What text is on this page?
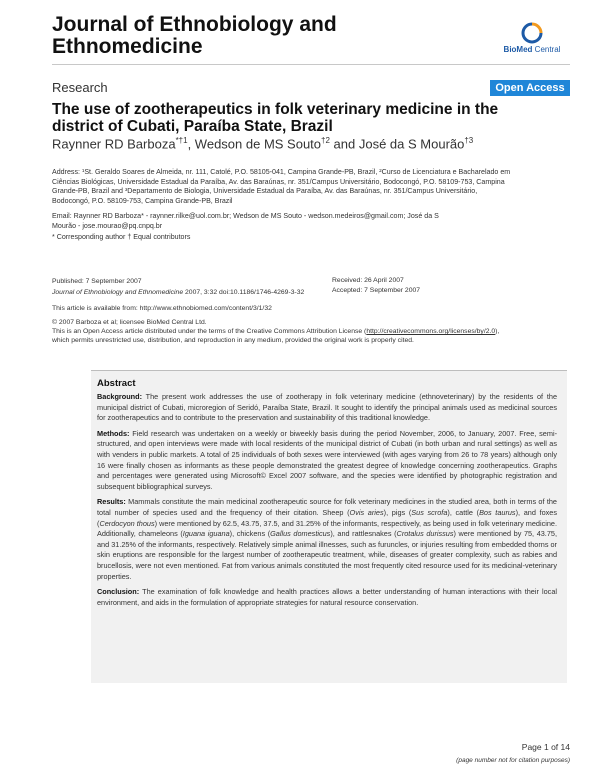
Journal of Ethnobiology and
Ethnomedicine	BioMed Central
Research	Open Access
The use of zootherapeutics in folk veterinary medicine in the
district of Cubati, Paraíba State, Brazil
Raynner RD Barboza$^{*\dagger 1}$, Wedson de MS Souto$^{\dagger 2}$ and José da S Mourão$^{\dagger 3}$
Address: ¹St. Geraldo Soares de Almeida, nr. 111, Catolé, P.O. 58105-041, Campina Grande-PB, Brazil, ²Curso de Licenciatura e Bacharelado em
Ciências Biológicas, Universidade Estadual da Paraíba, Av. das Baraúnas, nr. 351/Campus Universitário, Bodocongó, P.O. 58109-753, Campina
Grande-PB, Brazil and ³Departamento de Biologia, Universidade Estadual da Paraíba, Av. das Baraúnas, nr. 351/Campus Universitário,
Bodocongó, P.O. 58109-753, Campina Grande-PB, Brazil
Email: Raynner RD Barboza* - raynner.rilke@uol.com.br; Wedson de MS Souto - wedson.medeiros@gmail.com; José da S
Mourão - jose.mourao@pq.cnpq.br
* Corresponding author † Equal contributors
Published: 7 September 2007
Journal of Ethnobiology and Ethnomedicine 2007, 3:32 doi:10.1186/1746-4269-3-32
Received: 26 April 2007
Accepted: 7 September 2007
This article is available from: http://www.ethnobiomed.com/content/3/1/32
© 2007 Barboza et al; licensee BioMed Central Ltd.
This is an Open Access article distributed under the terms of the Creative Commons Attribution License (http://creativecommons.org/licenses/by/2.0),
which permits unrestricted use, distribution, and reproduction in any medium, provided the original work is properly cited.
Abstract

Background: The present work addresses the use of zootherapy in folk veterinary medicine (ethnoveterinary) by the residents of the municipal district of Cubati, microregion of Seridó, Paraíba State, Brazil. It sought to identify the principal animals used as medicinal sources for zootherapeutics and to contribute to the preservation and sustainability of this traditional knowledge.

Methods: Field research was undertaken on a weekly or biweekly basis during the period November, 2006, to January, 2007. Free, semi-structured, and open interviews were made with local residents of the municipal district of Cubati (in both urban and rural settings) as well as with venders in public markets. A total of 25 individuals of both sexes were interviewed (with ages varying from 26 to 78 years) although only 16 were finally chosen as informants as these people demonstrated the greatest degree of knowledge concerning zootherapeutics. Graphs and percentages were generated using Microsoft© Excel 2007 software, and the species were identified by photographic registration and subsequent bibliographical surveys.

Results: Mammals constitute the main medicinal zootherapeutic source for folk veterinary medicines in the studied area, both in terms of the total number of species used and the frequency of their citation. Sheep (Ovis aries), pigs (Sus scrofa), cattle (Bos taurus), and foxes (Cerdocyon thous) were mentioned by 62.5, 43.75, 37.5, and 31.25% of the informants, respectively, as being used in folk veterinary medicine. Additionally, chameleons (Iguana iguana), chickens (Gallus domesticus), and rattlesnakes (Crotalus durissus) were mentioned by 75, 43.75, and 31.25% of the informants, respectively. Relatively simple animal illnesses, such as furuncles, or injuries resulting from embedded thorns or skin eruptions are responsible for the largest number of zootherapeutic treatment, while, diseases of greater complexity, such as rabies and brucellosis, were not even mentioned. Fat from various animals constituted the most frequently cited resource used for its medicinal-veterinary properties.

Conclusion: The examination of folk knowledge and health practices allows a better understanding of human interactions with their local environment, and aids in the formulation of appropriate strategies for natural resource conservation.

Page 1 of 14
(page number not for citation purposes)
